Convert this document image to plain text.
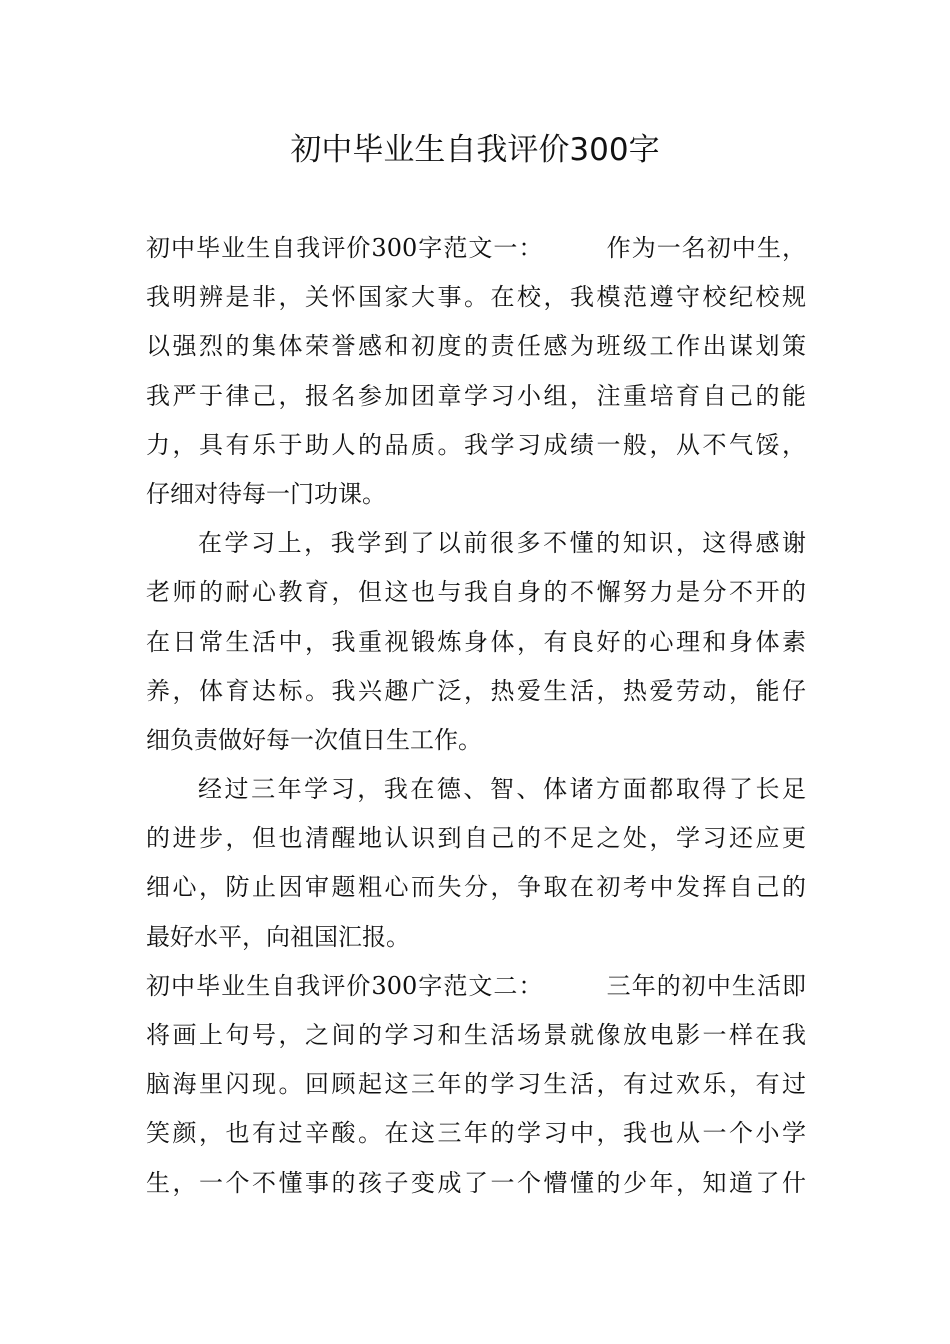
初中毕业生自我评价300字
初中毕业生自我评价300字范文一：　　　作为一名初中生，
我明辨是非，关怀国家大事。在校，我模范遵守校纪校规
以强烈的集体荣誉感和初度的责任感为班级工作出谋划策
我严于律己，报名参加团章学习小组，注重培育自己的能
力，具有乐于助人的品质。我学习成绩一般，从不气馁，
仔细对待每一门功课。
在学习上，我学到了以前很多不懂的知识，这得感谢
老师的耐心教育，但这也与我自身的不懈努力是分不开的
在日常生活中，我重视锻炼身体，有良好的心理和身体素
养，体育达标。我兴趣广泛，热爱生活，热爱劳动，能仔
细负责做好每一次值日生工作。
经过三年学习，我在德、智、体诸方面都取得了长足
的进步，但也清醒地认识到自己的不足之处，学习还应更
细心，防止因审题粗心而失分，争取在初考中发挥自己的
最好水平，向祖国汇报。
初中毕业生自我评价300字范文二：　　　三年的初中生活即
将画上句号，之间的学习和生活场景就像放电影一样在我
脑海里闪现。回顾起这三年的学习生活，有过欢乐，有过
笑颜，也有过辛酸。在这三年的学习中，我也从一个小学
生，一个不懂事的孩子变成了一个懵懂的少年，知道了什
